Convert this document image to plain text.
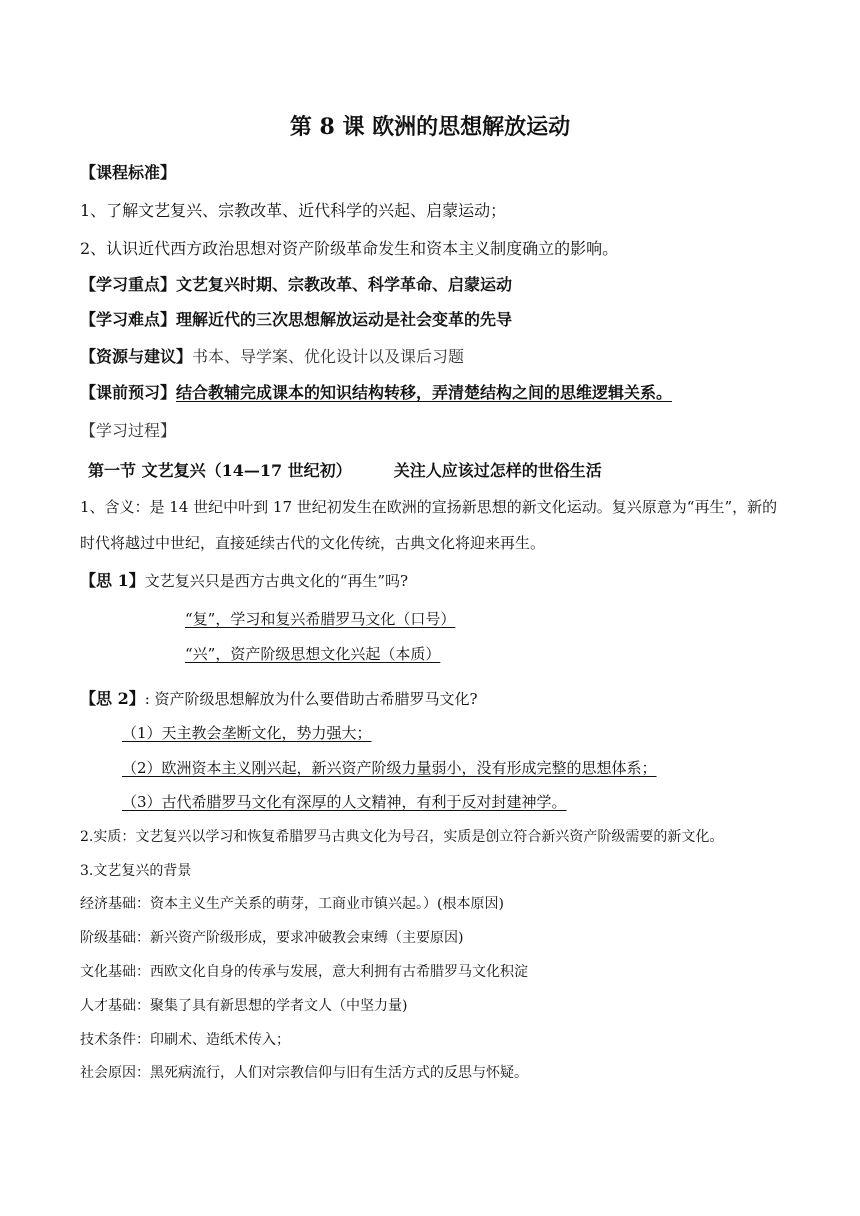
第 8 课 欧洲的思想解放运动
【课程标准】
1、了解文艺复兴、宗教改革、近代科学的兴起、启蒙运动；
2、认识近代西方政治思想对资产阶级革命发生和资本主义制度确立的影响。
【学习重点】文艺复兴时期、宗教改革、科学革命、启蒙运动
【学习难点】理解近代的三次思想解放运动是社会变革的先导
【资源与建议】书本、导学案、优化设计以及课后习题
【课前预习】结合教辅完成课本的知识结构转移，弄清楚结构之间的思维逻辑关系。
【学习过程】
第一节 文艺复兴（14—17 世纪初）	关注人应该过怎样的世俗生活
1、含义：是 14 世纪中叶到 17 世纪初发生在欧洲的宣扬新思想的新文化运动。复兴原意为“再生”，新的
时代将越过中世纪，直接延续古代的文化传统，古典文化将迎来再生。
【思 1】文艺复兴只是西方古典文化的“再生”吗?
“复”，学习和复兴希腊罗马文化（口号）
“兴”，资产阶级思想文化兴起（本质）
【思 2】: 资产阶级思想解放为什么要借助古希腊罗马文化?
（1）天主教会垄断文化，势力强大；
（2）欧洲资本主义刚兴起，新兴资产阶级力量弱小，没有形成完整的思想体系；
（3）古代希腊罗马文化有深厚的人文精神，有利于反对封建神学。
2.实质：文艺复兴以学习和恢复希腊罗马古典文化为号召，实质是创立符合新兴资产阶级需要的新文化。
3.文艺复兴的背景
经济基础：资本主义生产关系的萌芽，工商业市镇兴起。）(根本原因)
阶级基础：新兴资产阶级形成，要求冲破教会束缚（主要原因)
文化基础：西欧文化自身的传承与发展，意大利拥有古希腊罗马文化积淀
人才基础：聚集了具有新思想的学者文人（中坚力量)
技术条件：印刷术、造纸术传入；
社会原因：黑死病流行，人们对宗教信仰与旧有生活方式的反思与怀疑。
